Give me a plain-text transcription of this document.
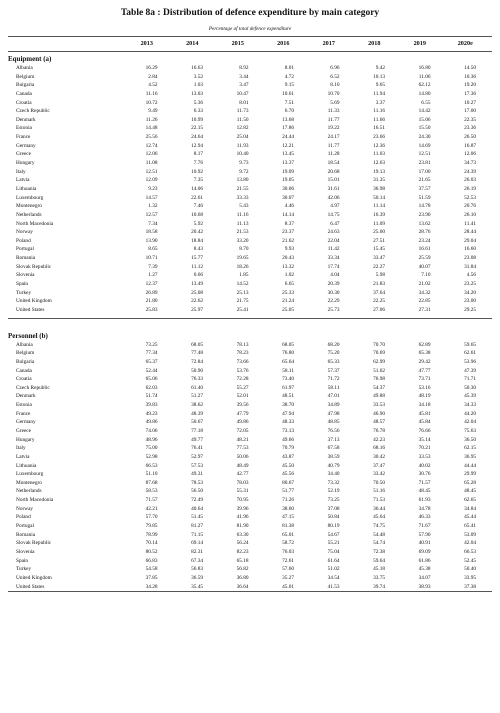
Table 8a : Distribution of defence expenditure by main category
Percentage of total defence expenditure
2013	2014	2015	2016	2017	2018	2019	2020e
Equipment (a)
Albania	16.29	16.63	8.92	8.01	6.96	9.42	16.80	14.50
Belgium	2.84	3.52	3.44	4.72	6.52	10.13	11.06	10.36
Bulgaria	4.52	1.03	3.47	9.15	8.10	9.65	62.12	19.20
Canada	11.16	13.03	10.47	10.61	10.70	11.94	14.80	17.36
Croatia	10.72	5.36	8.01	7.51	5.69	3.37	6.55	10.27
Czech Republic	9.49	6.33	11.73	6.70	11.33	11.16	14.42	17.00
Denmark	11.26	10.99	11.50	13.68	11.77	11.66	15.06	22.35
Estonia	14.48	22.15	12.82	17.86	19.22	16.51	15.50	23.36
France	25.56	24.64	25.04	24.44	24.17	23.66	24.30	26.50
Germany	12.74	12.94	11.93	12.21	11.77	12.36	14.69	16.87
Greece	12.06	8.17	10.40	13.45	11.28	11.03	12.51	12.06
Hungary	11.08	7.76	9.73	13.37	18.54	12.63	23.81	34.73
Italy	12.51	10.92	9.72	19.09	20.68	19.13	17.00	24.39
Latvia	12.09	7.35	13.80	19.05	15.01	31.35	21.65	26.03
Lithuania	9.23	14.06	21.55	30.06	31.61	36.98	37.57	26.19
Luxembourg	14.57	22.61	33.33	30.07	42.06	50.14	51.59	52.53
Montenegro	1.32	7.46	5.43	4.46	4.97	11.14	14.78	20.76
Netherlands	12.57	10.68	11.16	14.14	14.75	16.39	23.90	26.10
North Macedonia	7.34	5.92	11.13	8.37	6.47	11.09	13.62	11.41
Norway	18.58	20.42	21.53	23.37	24.63	25.00	28.76	28.44
Poland	13.90	18.84	33.20	21.62	22.04	27.51	23.24	29.04
Portugal	8.65	8.43	8.70	9.93	11.42	15.45	16.61	16.60
Romania	10.71	15.77	19.65	20.43	33.34	33.47	25.59	23.08
Slovak Republic	7.39	11.12	18.26	13.32	17.74	22.27	40.07	31.84
Slovenia	1.27	0.66	1.85	1.02	4.04	5.98	7.10	4.56
Spain	12.37	13.49	14.52	6.65	20.39	21.83	21.02	23.25
Turkey	26.89	25.08	25.13	25.33	30.30	37.64	34.32	34.20
United Kingdom	21.80	22.62	21.75	21.24	22.29	22.25	22.85	23.00
United States	25.83	25.97	25.41	25.05	25.73	27.06	27.31	29.25
Personnel (b)
Albania	73.25	68.05	78.13	68.05	68.20	70.70	62.89	59.65
Belgium	77.34	77.48	78.23	76.80	75.20	70.69	65.38	62.61
Bulgaria	65.37	72.84	73.66	65.64	65.33	62.99	29.42	53.96
Canada	52.44	50.90	53.76	58.11	57.37	51.02	47.77	47.39
Croatia	65.06	76.33	72.28	73.40	71.72	76.98	73.71	71.71
Czech Republic	62.03	61.40	55.27	61.97	58.11	54.37	53.16	50.30
Denmark	51.74	51.27	52.01	48.51	47.01	49.88	48.19	45.39
Estonia	39.83	38.62	39.56	38.70	34.89	33.53	34.18	34.33
France	49.23	48.39	47.79	47.94	47.98	46.90	45.81	44.20
Germany	49.86	50.67	49.86	48.33	48.85	48.57	45.84	42.04
Greece	74.06	77.18	72.05	73.13	76.56	76.78	76.66	75.63
Hungary	48.96	49.77	48.21	49.66	37.13	42.23	35.14	36.50
Italy	75.00	76.41	77.53	70.79	67.58	68.16	70.21	62.15
Latvia	52.98	52.97	50.06	43.87	38.59	30.42	33.53	36.95
Lithuania	66.53	57.53	48.49	45.50	40.79	37.47	40.02	44.44
Luxembourg	51.10	49.31	42.77	45.56	34.40	33.42	30.76	29.99
Montenegro	87.68	78.53	78.03	80.67	73.32	70.50	71.57	65.28
Netherlands	58.53	56.50	55.31	51.77	52.19	51.16	48.45	48.45
North Macedonia	71.57	72.49	70.95	71.26	73.25	71.53	61.93	62.65
Norway	42.21	40.64	39.96	38.60	37.08	36.44	34.78	34.84
Poland	57.70	51.45	41.96	47.15	50.84	45.64	46.33	45.44
Portugal	79.85	81.27	81.90	81.38	80.19	74.75	71.67	65.41
Romania	78.99	71.15	63.30	65.01	54.67	54.48	57.90	53.09
Slovak Republic	70.14	69.14	56.24	58.72	55.21	54.74	40.91	42.04
Slovenia	80.52	82.31	82.23	76.03	75.04	72.38	69.09	66.53
Spain	66.83	67.34	65.18	72.61	61.64	59.64	61.86	52.45
Turkey	54.58	56.83	56.82	57.60	51.02	45.18	45.38	50.40
United Kingdom	37.85	36.59	36.80	35.27	34.54	33.75	34.07	33.95
United States	34.28	35.45	36.64	45.01	41.53	39.74	38.93	37.38
